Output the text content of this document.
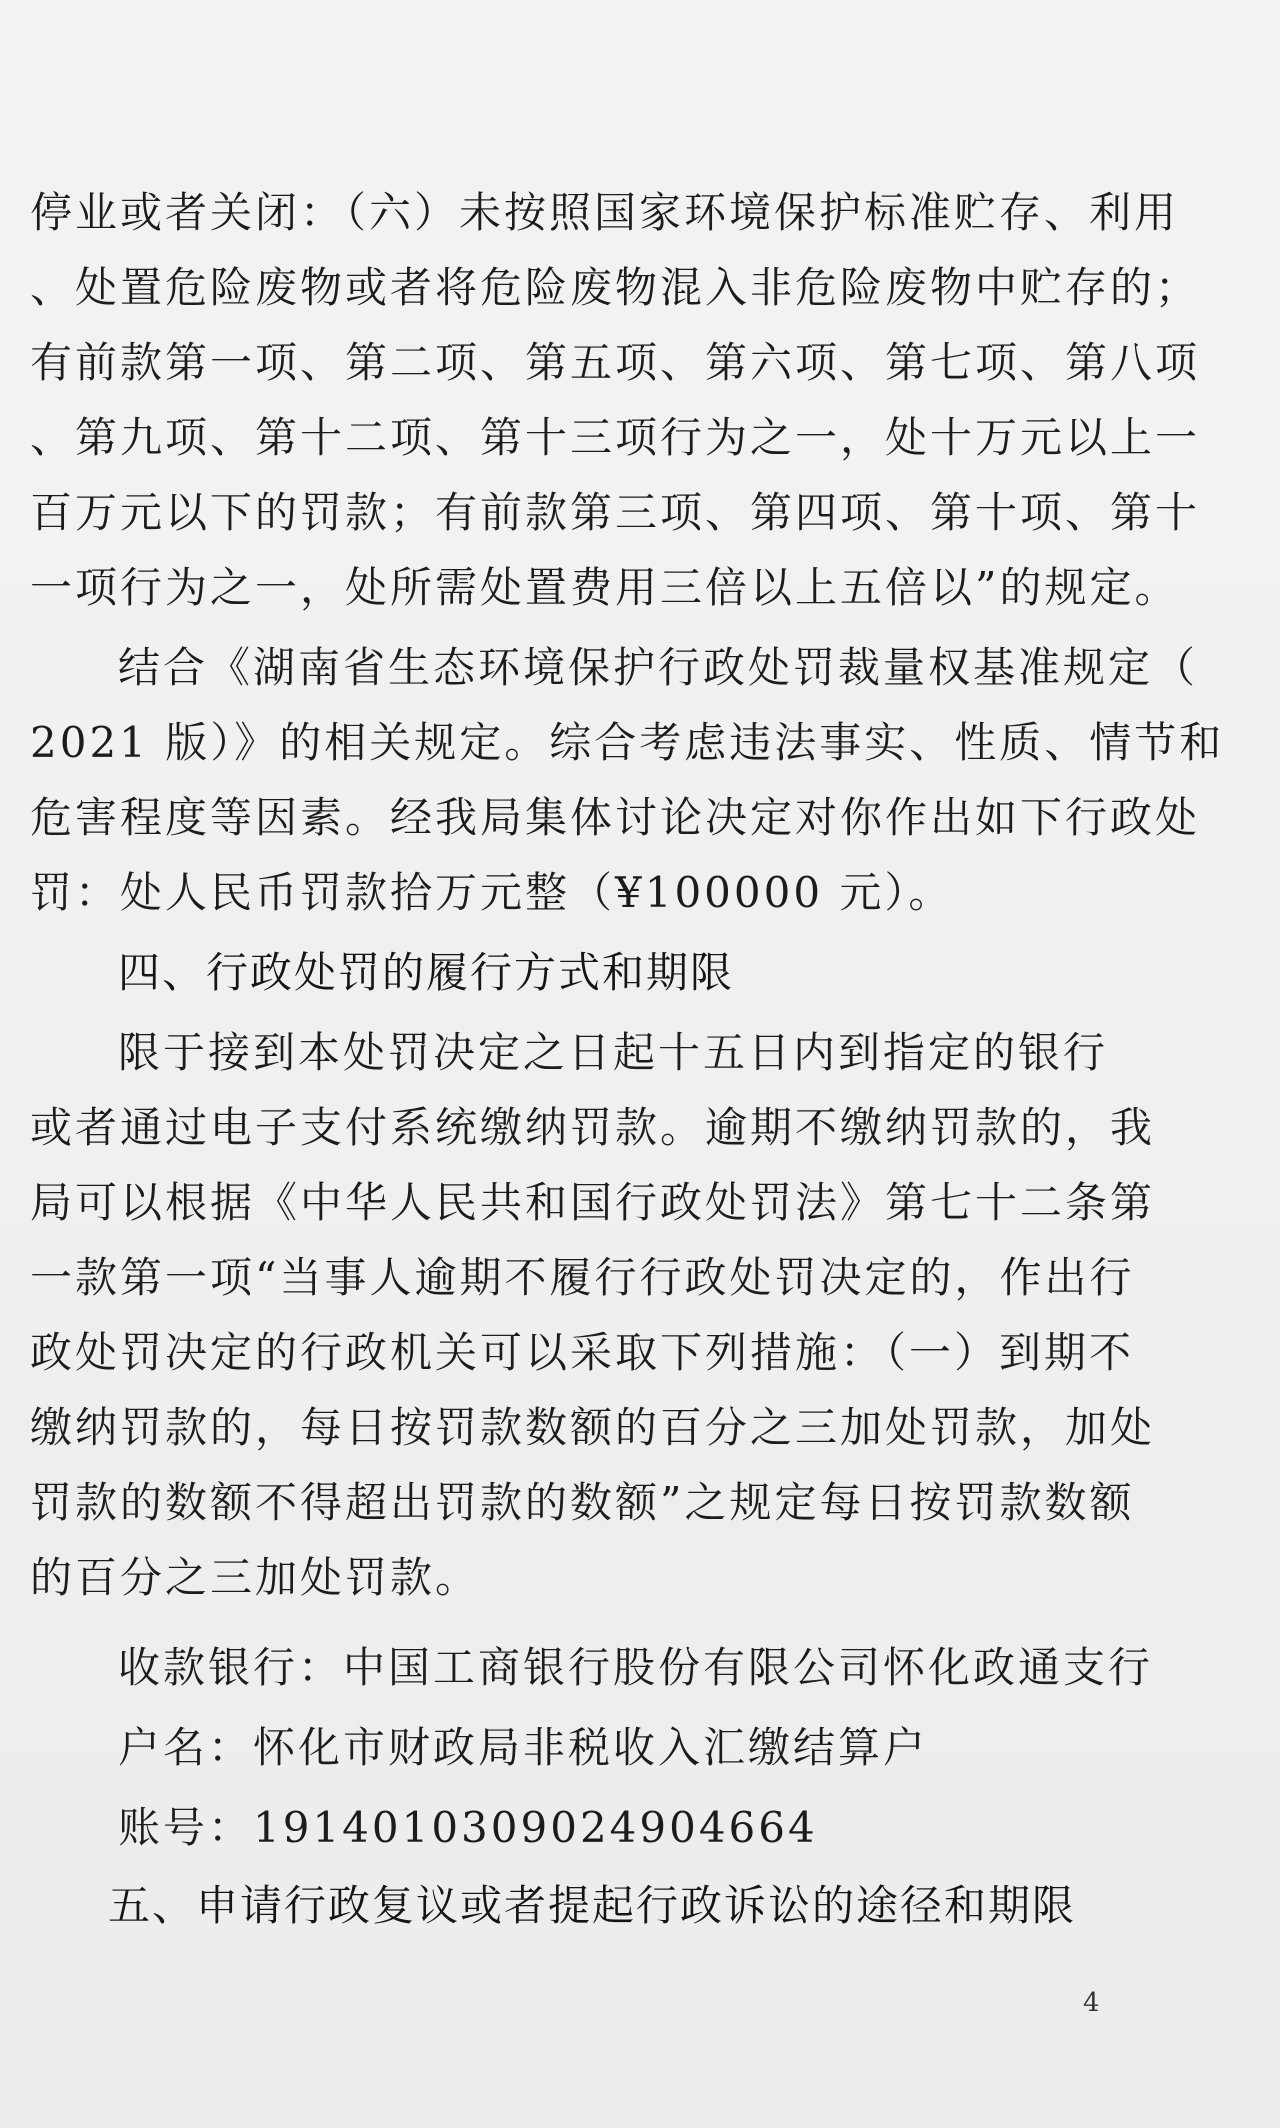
停业或者关闭：（六）未按照国家环境保护标准贮存、利用
、处置危险废物或者将危险废物混入非危险废物中贮存的；
有前款第一项、第二项、第五项、第六项、第七项、第八项
、第九项、第十二项、第十三项行为之一，处十万元以上一
百万元以下的罚款；有前款第三项、第四项、第十项、第十
一项行为之一，处所需处置费用三倍以上五倍以”的规定。
结合《湖南省生态环境保护行政处罚裁量权基准规定（
2021 版）》的相关规定。综合考虑违法事实、性质、情节和
危害程度等因素。经我局集体讨论决定对你作出如下行政处
罚：处人民币罚款拾万元整（¥100000 元）。
四、行政处罚的履行方式和期限
限于接到本处罚决定之日起十五日内到指定的银行
或者通过电子支付系统缴纳罚款。逾期不缴纳罚款的，我
局可以根据《中华人民共和国行政处罚法》第七十二条第
一款第一项“当事人逾期不履行行政处罚决定的，作出行
政处罚决定的行政机关可以采取下列措施：（一）到期不
缴纳罚款的，每日按罚款数额的百分之三加处罚款，加处
罚款的数额不得超出罚款的数额”之规定每日按罚款数额
的百分之三加处罚款。
收款银行：中国工商银行股份有限公司怀化政通支行
户名：怀化市财政局非税收入汇缴结算户
账号：1914010309024904664
五、申请行政复议或者提起行政诉讼的途径和期限
4
